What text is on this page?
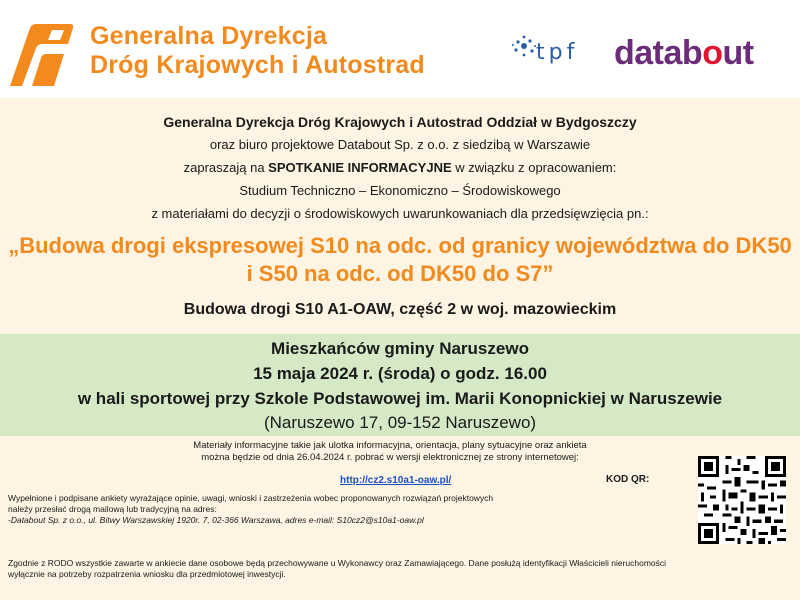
Generalna Dyrekcja
Dróg Krajowych i Autostrad	tpf databout
Generalna Dyrekcja Dróg Krajowych i Autostrad Oddział w Bydgoszczy
oraz biuro projektowe Databout Sp. z o.o. z siedzibą w Warszawie
zapraszają na SPOTKANIE INFORMACYJNE w związku z opracowaniem:
Studium Techniczno – Ekonomiczno – Środowiskowego
z materiałami do decyzji o środowiskowych uwarunkowaniach dla przedsięwzięcia pn.:
„Budowa drogi ekspresowej S10 na odc. od granicy województwa do DK50
i S50 na odc. od DK50 do S7”
Budowa drogi S10 A1-OAW, część 2 w woj. mazowieckim
Mieszkańców gminy Naruszewo
15 maja 2024 r. (środa) o godz. 16.00
w hali sportowej przy Szkole Podstawowej im. Marii Konopnickiej w Naruszewie
(Naruszewo 17, 09-152 Naruszewo)
Materiały informacyjne takie jak ulotka informacyjna, orientacja, plany sytuacyjne oraz ankieta
można będzie od dnia 26.04.2024 r. pobrać w wersji elektronicznej ze strony internetowej:
http://cz2.s10a1-oaw.pl/	KOD QR:
Wypełnione i podpisane ankiety wyrażające opinie, uwagi, wnioski i zastrzeżenia wobec proponowanych rozwiązań projektowych
należy przesłać drogą mailową lub tradycyjną na adres:
-Databout Sp. z o.o., ul. Bitwy Warszawskiej 1920r. 7, 02-366 Warszawa, adres e-mail: S10cz2@s10a1-oaw.pl
Zgodnie z RODO wszystkie zawarte w ankiecie dane osobowe będą przechowywane u Wykonawcy oraz Zamawiającego. Dane posłużą identyfikacji Właścicieli nieruchomości
wyłącznie na potrzeby rozpatrzenia wniosku dla przedmiotowej inwestycji.
